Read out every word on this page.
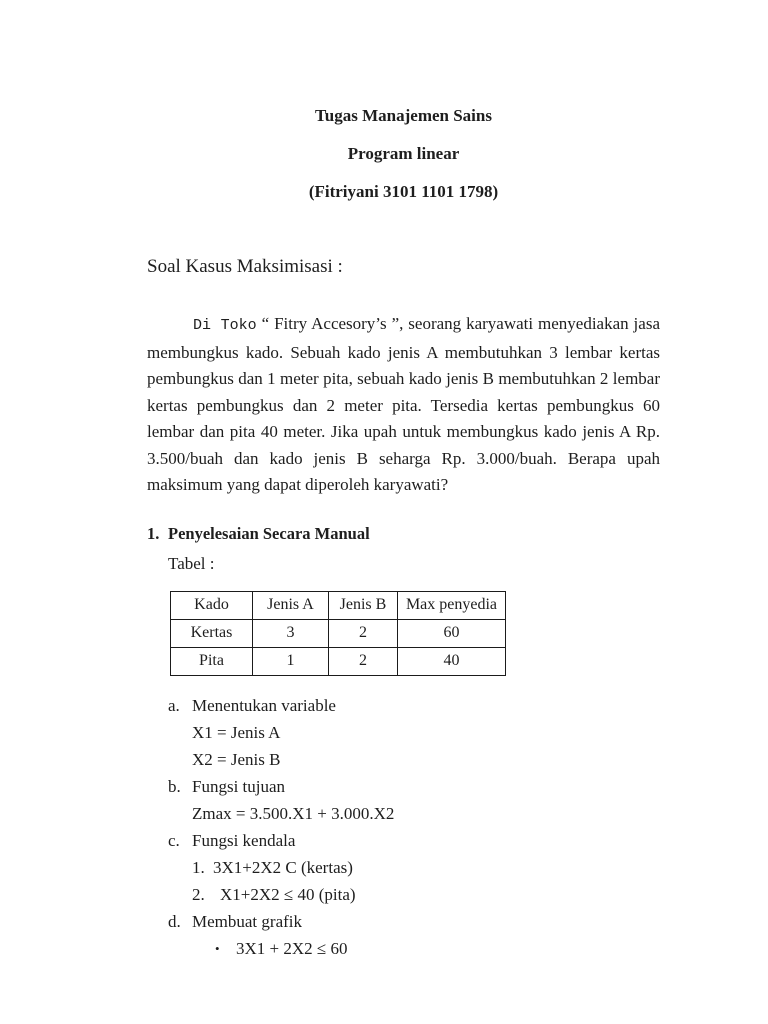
Tugas Manajemen Sains

Program linear

(Fitriyani 3101 1101 1798)

Soal Kasus Maksimisasi :

Di Toko “ Fitry Accesory’s ”, seorang karyawati menyediakan jasa membungkus kado. Sebuah kado jenis A membutuhkan 3 lembar kertas pembungkus dan 1 meter pita, sebuah kado jenis B membutuhkan 2 lembar kertas pembungkus dan 2 meter pita. Tersedia kertas pembungkus 60 lembar dan pita 40 meter. Jika upah untuk membungkus kado jenis A Rp. 3.500/buah dan kado jenis B seharga Rp. 3.000/buah. Berapa upah maksimum yang dapat diperoleh karyawati?

1. Penyelesaian Secara Manual
Tabel :
Kado	Jenis A	Jenis B	Max penyedia
Kertas	3	2	60
Pita	1	2	40
a. Menentukan variable
X1 = Jenis A
X2 = Jenis B
b. Fungsi tujuan
Zmax = 3.500.X1 + 3.000.X2
c. Fungsi kendala
1. 3X1+2X2 C (kertas)
2. X1+2X2 ≤ 40 (pita)
d. Membuat grafik
• 3X1 + 2X2 ≤ 60
